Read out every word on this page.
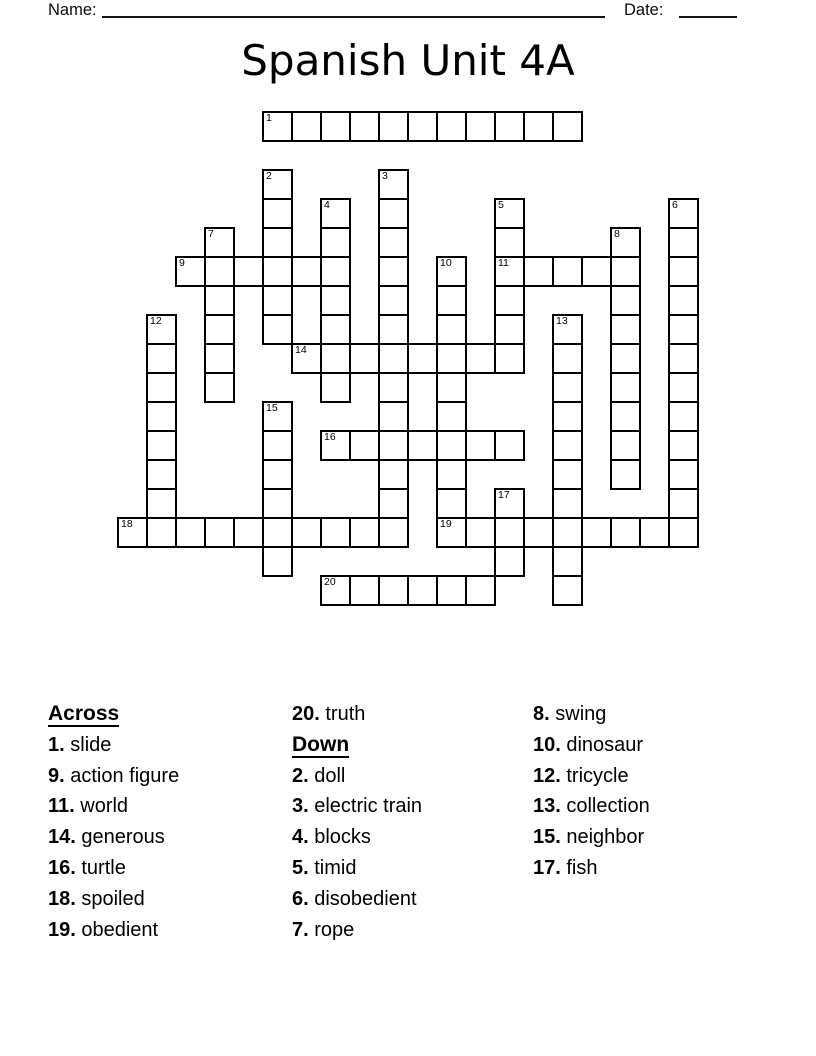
Name:	Date:
Spanish Unit 4A
1
2	3
4	5
11
6
7	8
9	10
19
12	13
14
15
16
17
18
20
Across
1. slide
9. action figure
11. world
14. generous
16. turtle
18. spoiled
19. obedient
20. truth
Down
2. doll
3. electric train
4. blocks
5. timid
6. disobedient
7. rope
8. swing
10. dinosaur
12. tricycle
13. collection
15. neighbor
17. fish
